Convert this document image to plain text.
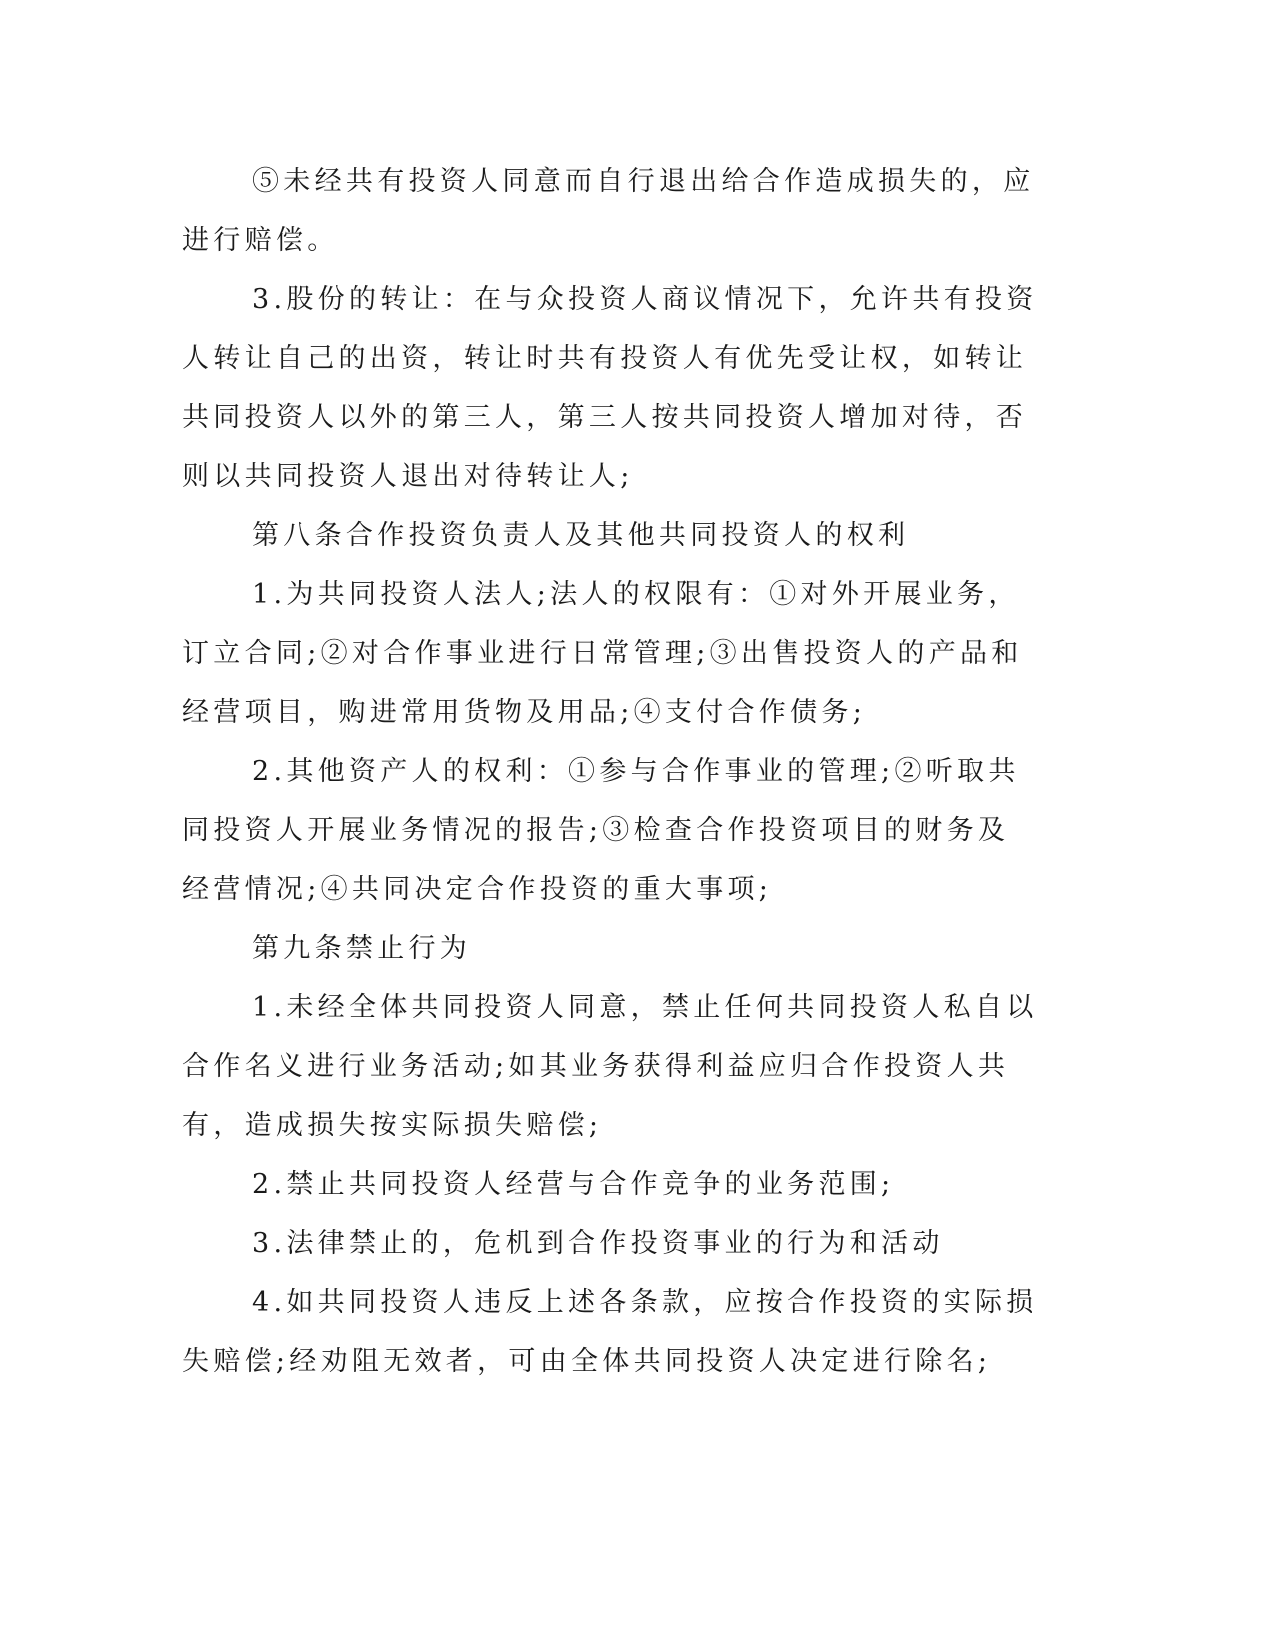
⑤未经共有投资人同意而自行退出给合作造成损失的，应进行赔偿。

3.股份的转让：在与众投资人商议情况下，允许共有投资人转让自己的出资，转让时共有投资人有优先受让权，如转让共同投资人以外的第三人，第三人按共同投资人增加对待，否则以共同投资人退出对待转让人;

第八条合作投资负责人及其他共同投资人的权利

1.为共同投资人法人;法人的权限有：①对外开展业务，订立合同;②对合作事业进行日常管理;③出售投资人的产品和经营项目，购进常用货物及用品;④支付合作债务;

2.其他资产人的权利：①参与合作事业的管理;②听取共同投资人开展业务情况的报告;③检查合作投资项目的财务及经营情况;④共同决定合作投资的重大事项;

第九条禁止行为

1.未经全体共同投资人同意，禁止任何共同投资人私自以合作名义进行业务活动;如其业务获得利益应归合作投资人共有，造成损失按实际损失赔偿;

2.禁止共同投资人经营与合作竞争的业务范围;

3.法律禁止的，危机到合作投资事业的行为和活动

4.如共同投资人违反上述各条款，应按合作投资的实际损失赔偿;经劝阻无效者，可由全体共同投资人决定进行除名;
